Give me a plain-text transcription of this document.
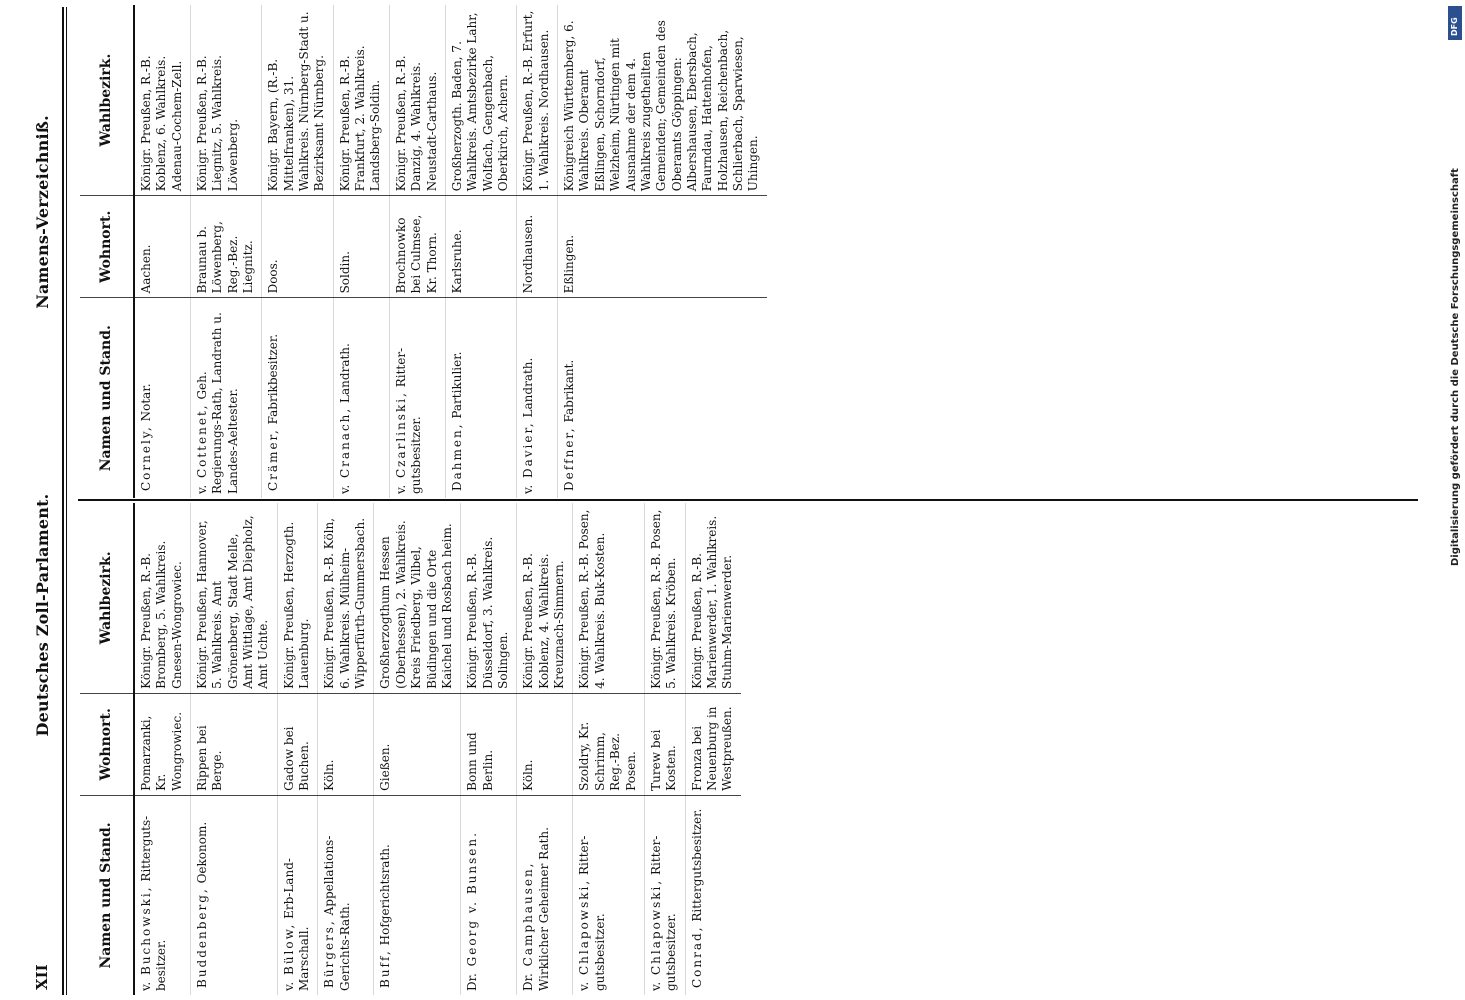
XII
Deutsches Zoll-Parlament.
Namens-Verzeichniß.
Namen und Stand.	Wohnort.	Wahlbezirk.
v. Buchowski, Ritterguts-besitzer.	Pomarzanki, Kr. Wongrowiec.	Königr. Preußen, R.-B. Bromberg, 5. Wahlkreis. Gnesen-Wongrowiec.
Buddenberg, Oekonom.	Rippen bei Berge.	Königr. Preußen, Hannover, 5. Wahlkreis. Amt Grönenberg, Stadt Melle, Amt Wittlage, Amt Diepholz, Amt Uchte.
v. Bülow, Erb-Land-Marschall.	Gadow bei Buchen.	Königr. Preußen, Herzogth. Lauenburg.
Bürgers, Appellations-Gerichts-Rath.	Köln.	Königr. Preußen, R.-B. Köln, 6. Wahlkreis. Mülheim-Wipperfürth-Gummersbach.
Buff, Hofgerichtsrath.	Gießen.	Großherzogthum Hessen (Oberhessen), 2. Wahlkreis. Kreis Friedberg, Vilbel, Büdingen und die Orte Kaichel und Rosbach heim.
Dr. Georg v. Bunsen.	Bonn und Berlin.	Königr. Preußen, R.-B. Düsseldorf, 3. Wahlkreis. Solingen.
Dr. Camphausen, Wirklicher Geheimer Rath.	Köln.	Königr. Preußen, R.-B. Koblenz, 4. Wahlkreis. Kreuznach-Simmern.
v. Chlapowski, Ritter-gutsbesitzer.	Szoldry, Kr. Schrimm, Reg.-Bez. Posen.	Königr. Preußen, R.-B. Posen, 4. Wahlkreis. Buk-Kosten.
v. Chlapowski, Ritter-gutsbesitzer.	Turew bei Kosten.	Königr. Preußen, R.-B. Posen, 5. Wahlkreis. Kröben.
Conrad, Rittergutsbesitzer.	Fronza bei Neuenburg in Westpreußen.	Königr. Preußen, R.-B. Marienwerder, 1. Wahlkreis. Stuhm-Marienwerder.
Namen und Stand.	Wohnort.	Wahlbezirk.
Cornely, Notar.	Aachen.	Königr. Preußen, R.-B. Koblenz, 6. Wahlkreis. Adenau-Cochem-Zell.
v. Cottenet, Geh. Regierungs-Rath, Landrath u. Landes-Aeltester.	Braunau b. Löwenberg, Reg.-Bez. Liegnitz.	Königr. Preußen, R.-B. Liegnitz, 5. Wahlkreis. Löwenberg.
Crämer, Fabrikbesitzer.	Doos.	Königr. Bayern, (R.-B. Mittelfranken), 31. Wahlkreis. Nürnberg-Stadt u. Bezirksamt Nürnberg.
v. Cranach, Landrath.	Soldin.	Königr. Preußen, R.-B. Frankfurt, 2. Wahlkreis. Landsberg-Soldin.
v. Czarlinski, Ritter-gutsbesitzer.	Brochnowko bei Culmsee, Kr. Thorn.	Königr. Preußen, R.-B. Danzig, 4. Wahlkreis. Neustadt-Carthaus.
Dahmen, Partikulier.	Karlsruhe.	Großherzogth. Baden, 7. Wahlkreis. Amtsbezirke Lahr, Wolfach, Gengenbach, Oberkirch, Achern.
v. Davier, Landrath.	Nordhausen.	Königr. Preußen, R.-B. Erfurt, 1. Wahlkreis. Nordhausen.
Deffner, Fabrikant.	Eßlingen.	Königreich Württemberg, 6. Wahlkreis. Oberamt Eßlingen, Schorndorf, Welzheim, Nürtingen mit Ausnahme der dem 4. Wahlkreis zugetheilten Gemeinden; Gemeinden des Oberamts Göppingen: Albershausen, Ebersbach, Faurndau, Hattenhofen, Holzhausen, Reichenbach, Schlierbach, Sparwiesen, Uhingen.
Digitalisierung gefördert durch die Deutsche Forschungsgemeinschaft
DFG
